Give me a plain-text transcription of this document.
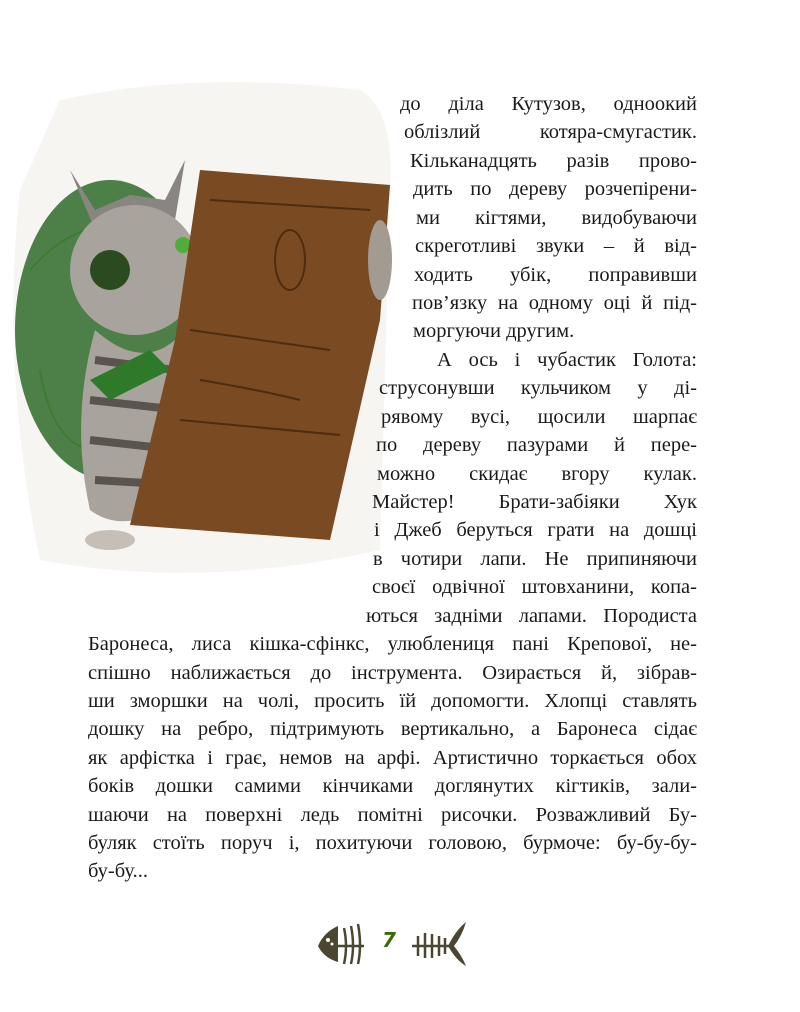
до діла Кутузов, одноокий
облізлий котяра-смугастик.
Кільканадцять разів прово-
дить по дереву розчепірени-
ми кігтями, видобуваючи
скреготливі звуки – й від-
ходить убік, поправивши
пов’язку на одному оці й під-
моргуючи другим.
А ось і чубастик Голота:
струсонувши кульчиком у ді-
рявому вусі, щосили шарпає
по дереву пазурами й пере-
можно скидає вгору кулак.
Майстер! Брати-забіяки Хук
і Джеб беруться грати на дошці
в чотири лапи. Не припиняючи
своєї одвічної штовханини, копа-
ються задніми лапами. Породиста
Баронеса, лиса кішка-сфінкс, улюблениця пані Крепової, не-
спішно наближається до інструмента. Озирається й, зібрав-
ши зморшки на чолі, просить їй допомогти. Хлопці ставлять
дошку на ребро, підтримують вертикально, а Баронеса сідає
як арфістка і грає, немов на арфі. Артистично торкається обох
боків дошки самими кінчиками доглянутих кігтиків, зали-
шаючи на поверхні ледь помітні рисочки. Розважливий Бу-
буляк стоїть поруч і, похитуючи головою, бурмоче: бу-бу-бу-
бу-бу...
7
